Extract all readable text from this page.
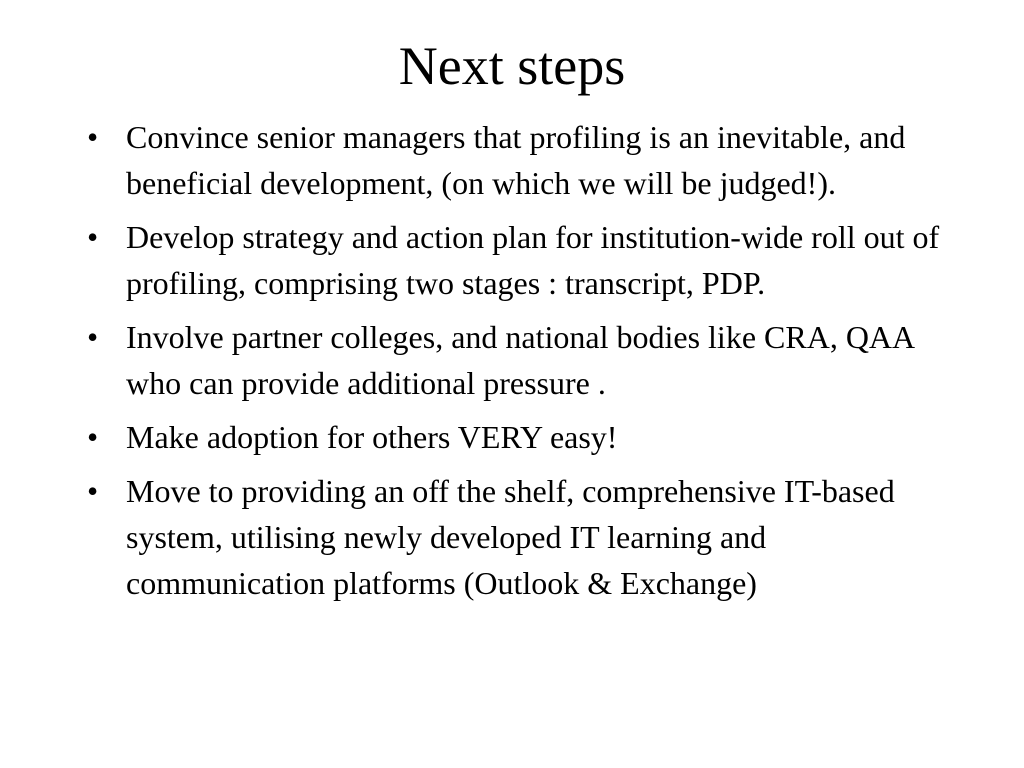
Next steps
• Convince senior managers that profiling is an inevitable, and beneficial development, (on which we will be judged!).
• Develop strategy and action plan for institution-wide roll out of profiling, comprising two stages : transcript, PDP.
• Involve partner colleges, and national bodies like CRA, QAA who can provide additional pressure .
• Make adoption for others VERY easy!
• Move to providing an off the shelf, comprehensive IT-based system, utilising newly developed IT learning and communication platforms (Outlook & Exchange)
